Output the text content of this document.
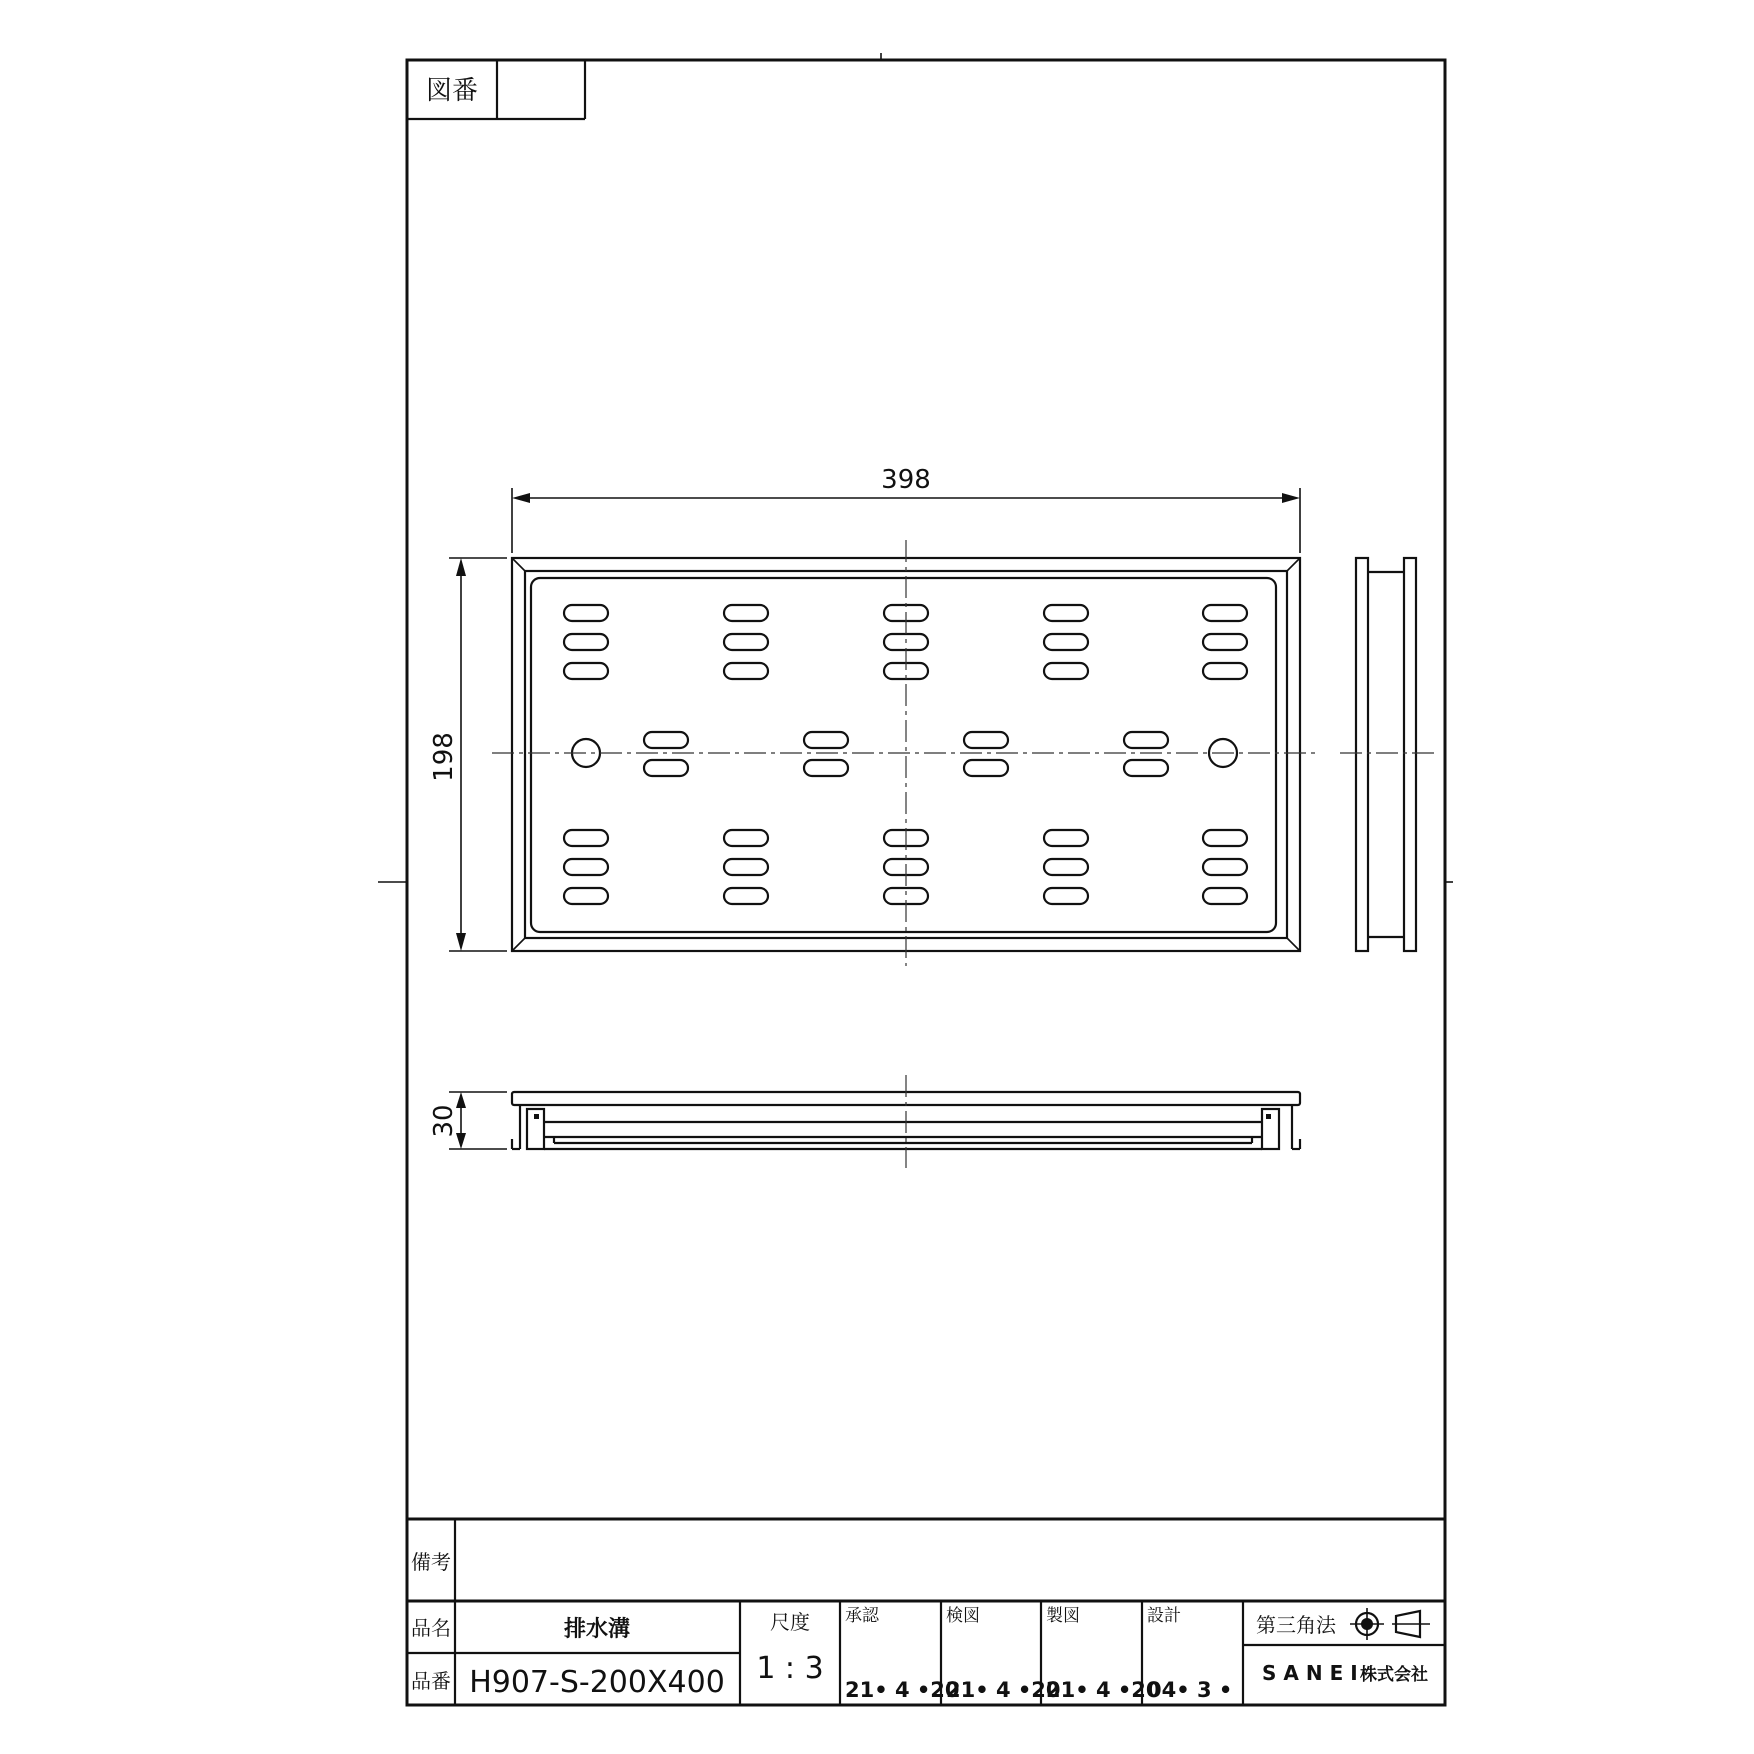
図番
398
198
30
備考
品名	排水溝
品番 H907-S-200X400
尺度
1 : 3
承認
21• 4 •20
検図
21• 4 •20
製図
21• 4 •20
設計
04• 3 •
第三角法
SANEI
株式会社
